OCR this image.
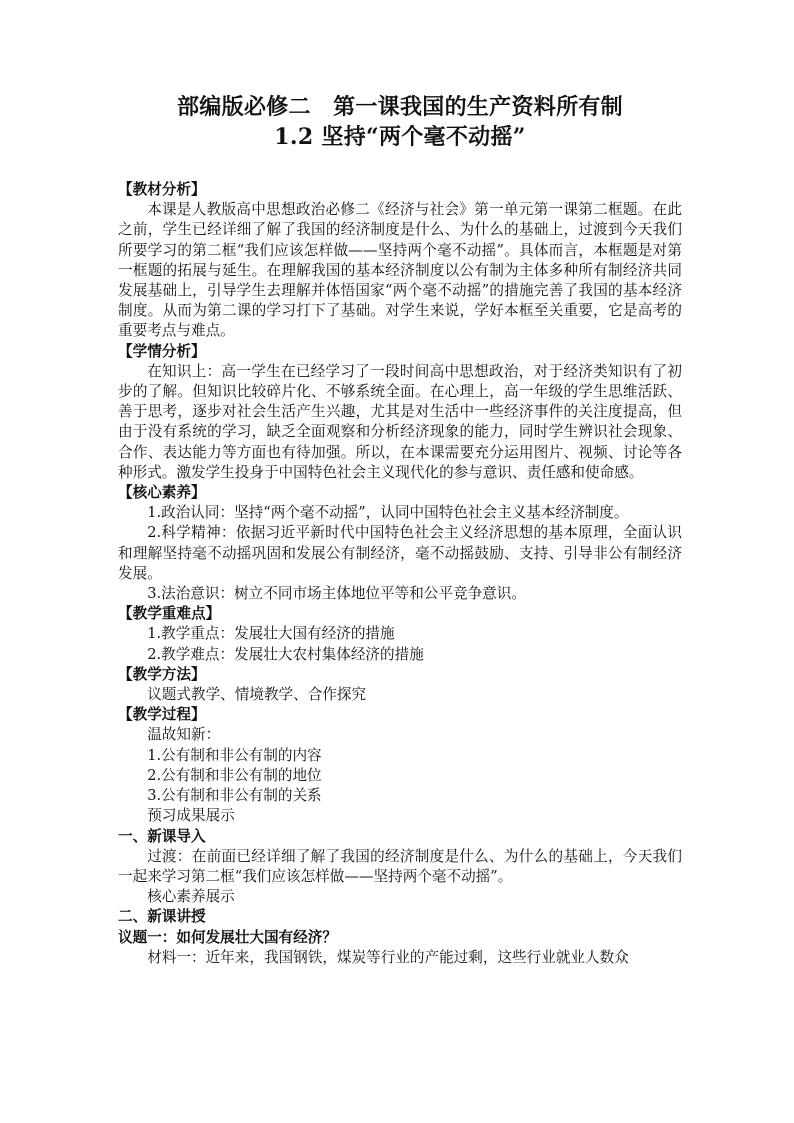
部编版必修二　第一课我国的生产资料所有制
1.2 坚持“两个毫不动摇”

【教材分析】

本课是人教版高中思想政治必修二《经济与社会》第一单元第一课第二框题。在此之前，学生已经详细了解了我国的经济制度是什么、为什么的基础上，过渡到今天我们所要学习的第二框“我们应该怎样做——坚持两个毫不动摇”。具体而言，本框题是对第一框题的拓展与延生。在理解我国的基本经济制度以公有制为主体多种所有制经济共同发展基础上，引导学生去理解并体悟国家“两个毫不动摇”的措施完善了我国的基本经济制度。从而为第二课的学习打下了基础。对学生来说，学好本框至关重要，它是高考的重要考点与难点。

【学情分析】

在知识上：高一学生在已经学习了一段时间高中思想政治，对于经济类知识有了初步的了解。但知识比较碎片化、不够系统全面。在心理上，高一年级的学生思维活跃、善于思考，逐步对社会生活产生兴趣，尤其是对生活中一些经济事件的关注度提高，但由于没有系统的学习，缺乏全面观察和分析经济现象的能力，同时学生辨识社会现象、合作、表达能力等方面也有待加强。所以，在本课需要充分运用图片、视频、讨论等各种形式。激发学生投身于中国特色社会主义现代化的参与意识、责任感和使命感。

【核心素养】

1.政治认同：坚持“两个毫不动摇”，认同中国特色社会主义基本经济制度。

2.科学精神：依据习近平新时代中国特色社会主义经济思想的基本原理，全面认识和理解坚持毫不动摇巩固和发展公有制经济，毫不动摇鼓励、支持、引导非公有制经济发展。

3.法治意识：树立不同市场主体地位平等和公平竞争意识。

【教学重难点】

1.教学重点：发展壮大国有经济的措施

2.教学难点：发展壮大农村集体经济的措施

【教学方法】

议题式教学、情境教学、合作探究

【教学过程】

温故知新：

1.公有制和非公有制的内容

2.公有制和非公有制的地位

3.公有制和非公有制的关系

预习成果展示

一、新课导入

过渡：在前面已经详细了解了我国的经济制度是什么、为什么的基础上，今天我们一起来学习第二框“我们应该怎样做——坚持两个毫不动摇”。

核心素养展示

二、新课讲授

议题一：如何发展壮大国有经济？

材料一：近年来，我国钢铁，煤炭等行业的产能过剩，这些行业就业人数众
